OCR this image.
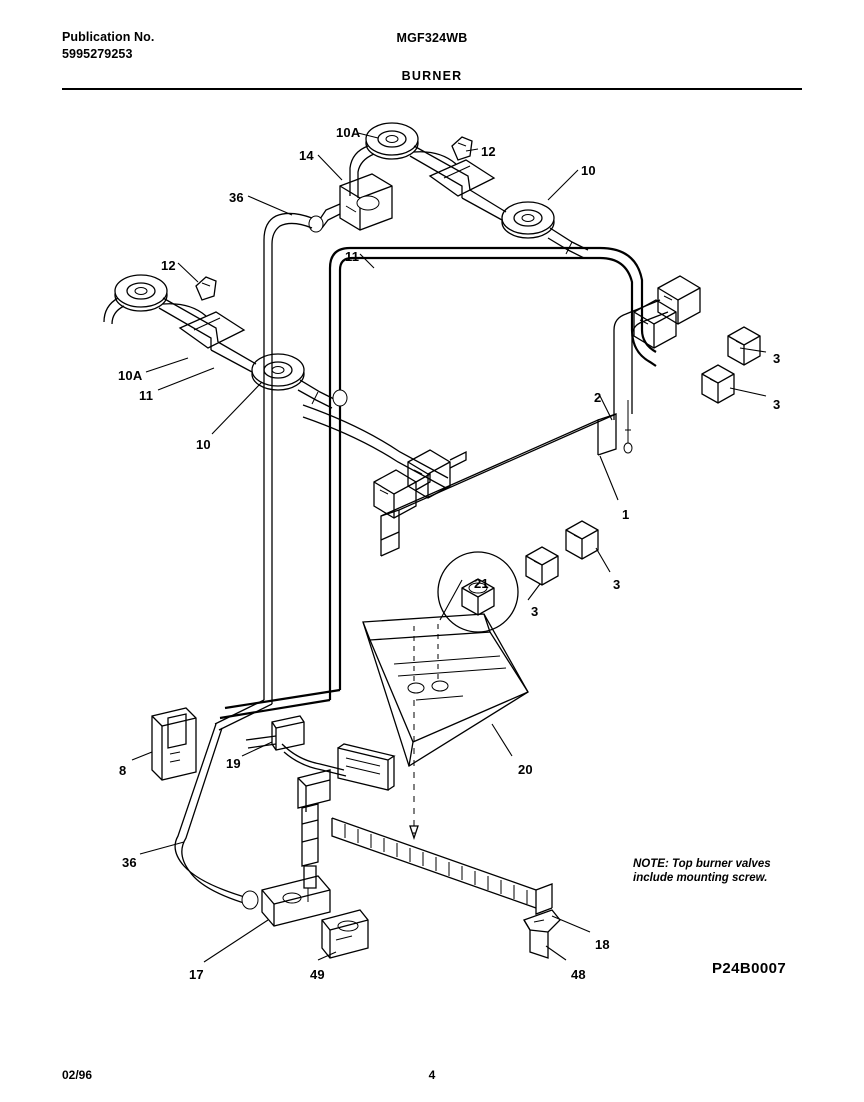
Publication No.
5995279253
MGF324WB
BURNER
10A
12
14
10
36
11
12
3
10A
11
3
2
10
1
3
21
3
19
8	20
36
18
17	49	48
NOTE: Top burner valves include mounting screw.
P24B0007
02/96	4
